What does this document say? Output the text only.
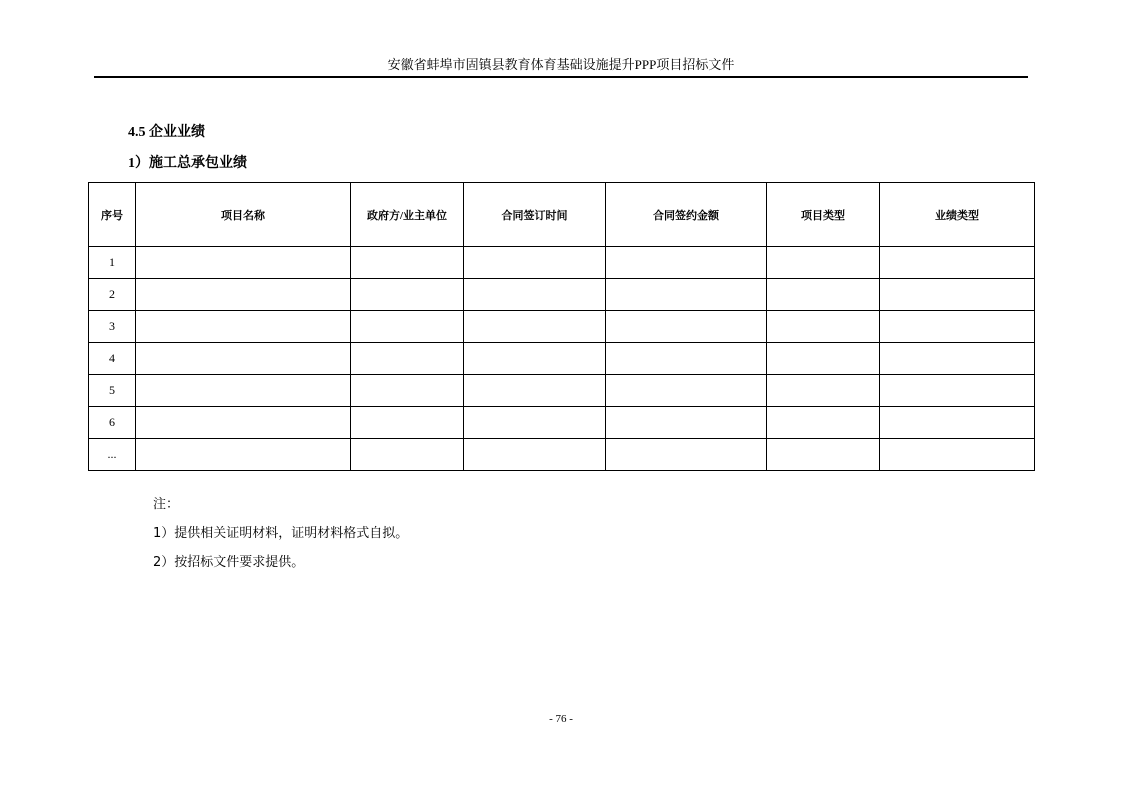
安徽省蚌埠市固镇县教育体育基础设施提升PPP项目招标文件
4.5 企业业绩
1）施工总承包业绩
序号	项目名称	政府方/业主单位	合同签订时间	合同签约金额	项目类型	业绩类型
1						
2						
3						
4						
5						
6						
...						
注：
1）提供相关证明材料，证明材料格式自拟。
2）按招标文件要求提供。
- 76 -
